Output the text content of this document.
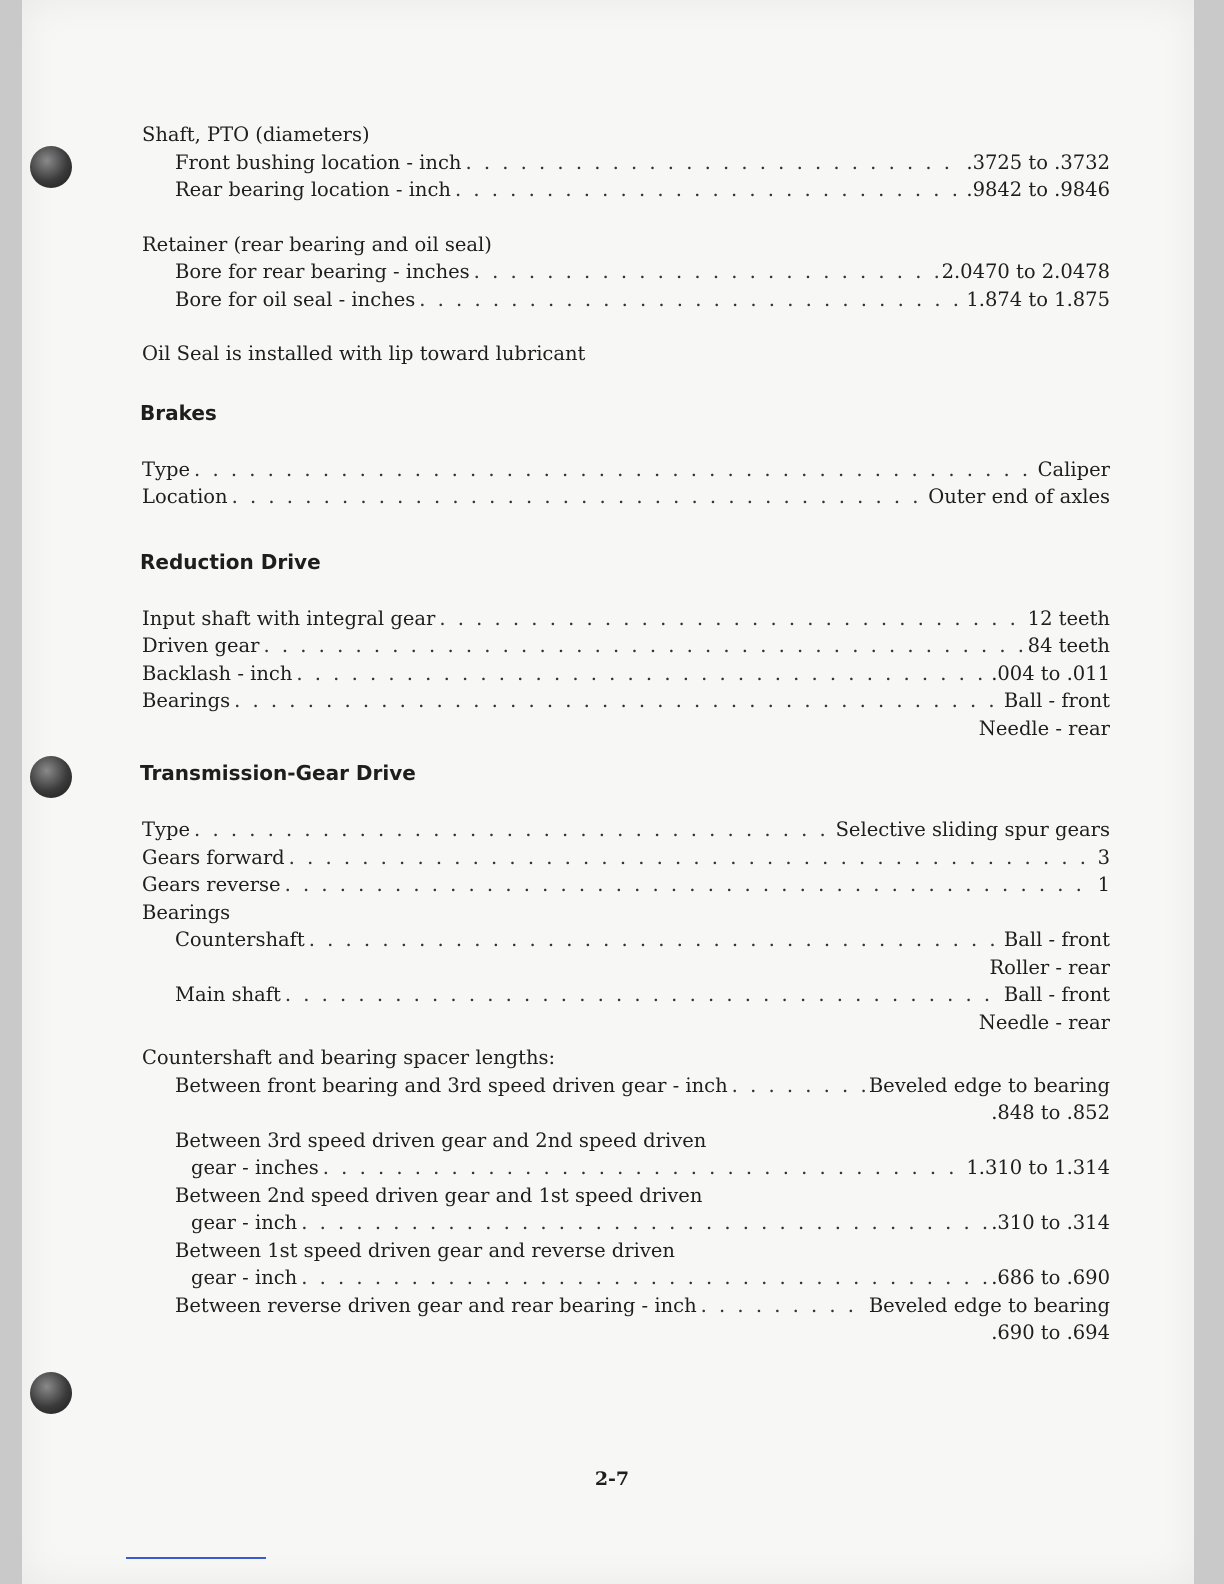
Shaft, PTO (diameters)
Front bushing location - inch . . .	.3725 to .3732
Rear bearing location - inch . . .	.9842 to .9846
Retainer (rear bearing and oil seal)
Bore for rear bearing - inches . . .	2.0470 to 2.0478
Bore for oil seal - inches . . .	1.874 to 1.875
Oil Seal is installed with lip toward lubricant
Brakes
Type . . .	Caliper
Location . . .	Outer end of axles
Reduction Drive
Input shaft with integral gear . . .	12 teeth
Driven gear . . .	84 teeth
Backlash - inch . . .	.004 to .011
Bearings . . .	Ball - front
Needle - rear
Transmission-Gear Drive
Type . . .	Selective sliding spur gears
Gears forward . . .	3
Gears reverse . . .	1
Bearings
Countershaft . . .	Ball - front
Roller - rear
Main shaft . . .	Ball - front
Needle - rear
Countershaft and bearing spacer lengths:
Between front bearing and 3rd speed driven gear - inch . . .	Beveled edge to bearing
.848 to .852
Between 3rd speed driven gear and 2nd speed driven
gear - inches . . .	1.310 to 1.314
Between 2nd speed driven gear and 1st speed driven
gear - inch . . .	.310 to .314
Between 1st speed driven gear and reverse driven
gear - inch . . .	.686 to .690
Between reverse driven gear and rear bearing - inch . . .	Beveled edge to bearing
.690 to .694
2-7
